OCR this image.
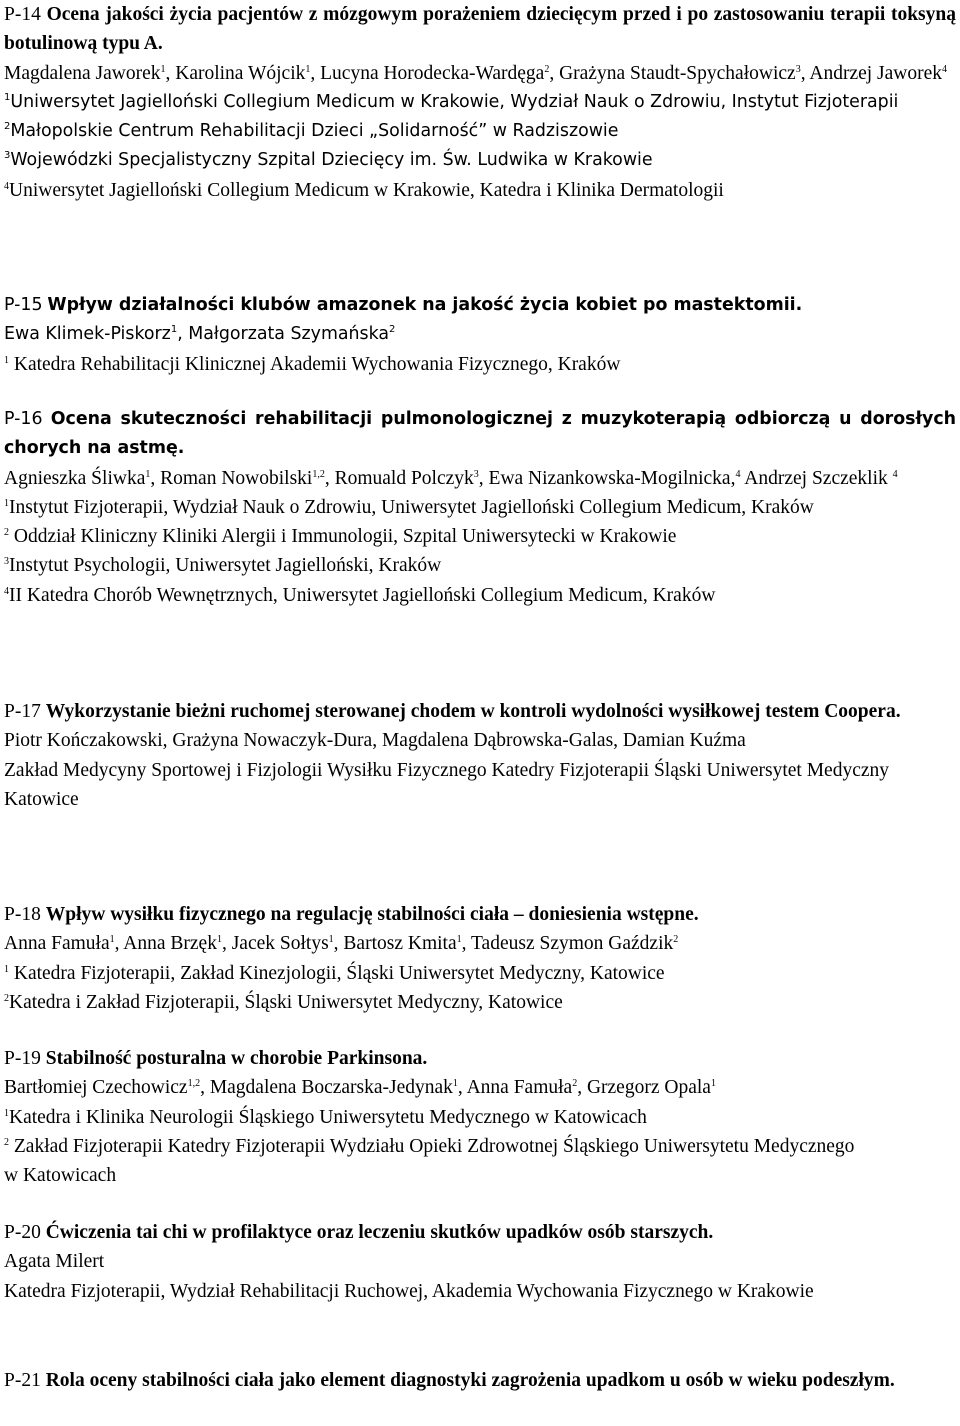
P-14 Ocena jakości życia pacjentów z mózgowym porażeniem dziecięcym przed i po zastosowaniu terapii toksyną botulinową typu A.
Magdalena Jaworek$^1$, Karolina Wójcik$^1$, Lucyna Horodecka-Wardęga$^2$, Grażyna Staudt-Spychałowicz$^3$, Andrzej Jaworek$^4$
$^1$Uniwersytet Jagielloński Collegium Medicum w Krakowie, Wydział Nauk o Zdrowiu, Instytut Fizjoterapii
$^2$Małopolskie Centrum Rehabilitacji Dzieci „Solidarność” w Radziszowie
$^3$Wojewódzki Specjalistyczny Szpital Dziecięcy im. Św. Ludwika w Krakowie
$^4$Uniwersytet Jagielloński Collegium Medicum w Krakowie, Katedra i Klinika Dermatologii
P-15 Wpływ działalności klubów amazonek na jakość życia kobiet po mastektomii.
Ewa Klimek-Piskorz$^1$, Małgorzata Szymańska$^2$
$^1$ Katedra Rehabilitacji Klinicznej Akademii Wychowania Fizycznego, Kraków
P-16 Ocena skuteczności rehabilitacji pulmonologicznej z muzykoterapią odbiorczą u dorosłych chorych na astmę.
Agnieszka Śliwka$^1$, Roman Nowobilski$^{1,2}$, Romuald Polczyk$^3$, Ewa Nizankowska-Mogilnicka,$^4$ Andrzej Szczeklik $^4$
$^1$Instytut Fizjoterapii, Wydział Nauk o Zdrowiu, Uniwersytet Jagielloński Collegium Medicum, Kraków
$^2$ Oddział Kliniczny Kliniki Alergii i Immunologii, Szpital Uniwersytecki w Krakowie
$^3$Instytut Psychologii, Uniwersytet Jagielloński, Kraków
$^4$II Katedra Chorób Wewnętrznych, Uniwersytet Jagielloński Collegium Medicum, Kraków
P-17 Wykorzystanie bieżni ruchomej sterowanej chodem w kontroli wydolności wysiłkowej testem Coopera.
Piotr Kończakowski, Grażyna Nowaczyk-Dura, Magdalena Dąbrowska-Galas, Damian Kuźma
Zakład Medycyny Sportowej i Fizjologii Wysiłku Fizycznego Katedry Fizjoterapii Śląski Uniwersytet Medyczny Katowice
P-18 Wpływ wysiłku fizycznego na regulację stabilności ciała – doniesienia wstępne.
Anna Famuła$^1$, Anna Brzęk$^1$, Jacek Sołtys$^1$, Bartosz Kmita$^1$, Tadeusz Szymon Gaździk$^2$
$^1$ Katedra Fizjoterapii, Zakład Kinezjologii, Śląski Uniwersytet Medyczny, Katowice
$^2$Katedra i Zakład Fizjoterapii, Śląski Uniwersytet Medyczny, Katowice
P-19 Stabilność posturalna w chorobie Parkinsona.
Bartłomiej Czechowicz$^{1,2}$, Magdalena Boczarska-Jedynak$^1$, Anna Famuła$^2$, Grzegorz Opala$^1$
$^1$Katedra i Klinika Neurologii Śląskiego Uniwersytetu Medycznego w Katowicach
$^2$ Zakład Fizjoterapii Katedry Fizjoterapii Wydziału Opieki Zdrowotnej Śląskiego Uniwersytetu Medycznego w Katowicach
P-20 Ćwiczenia tai chi w profilaktyce oraz leczeniu skutków upadków osób starszych.
Agata Milert
Katedra Fizjoterapii, Wydział Rehabilitacji Ruchowej, Akademia Wychowania Fizycznego w Krakowie
P-21 Rola oceny stabilności ciała jako element diagnostyki zagrożenia upadkom u osób w wieku podeszłym.
